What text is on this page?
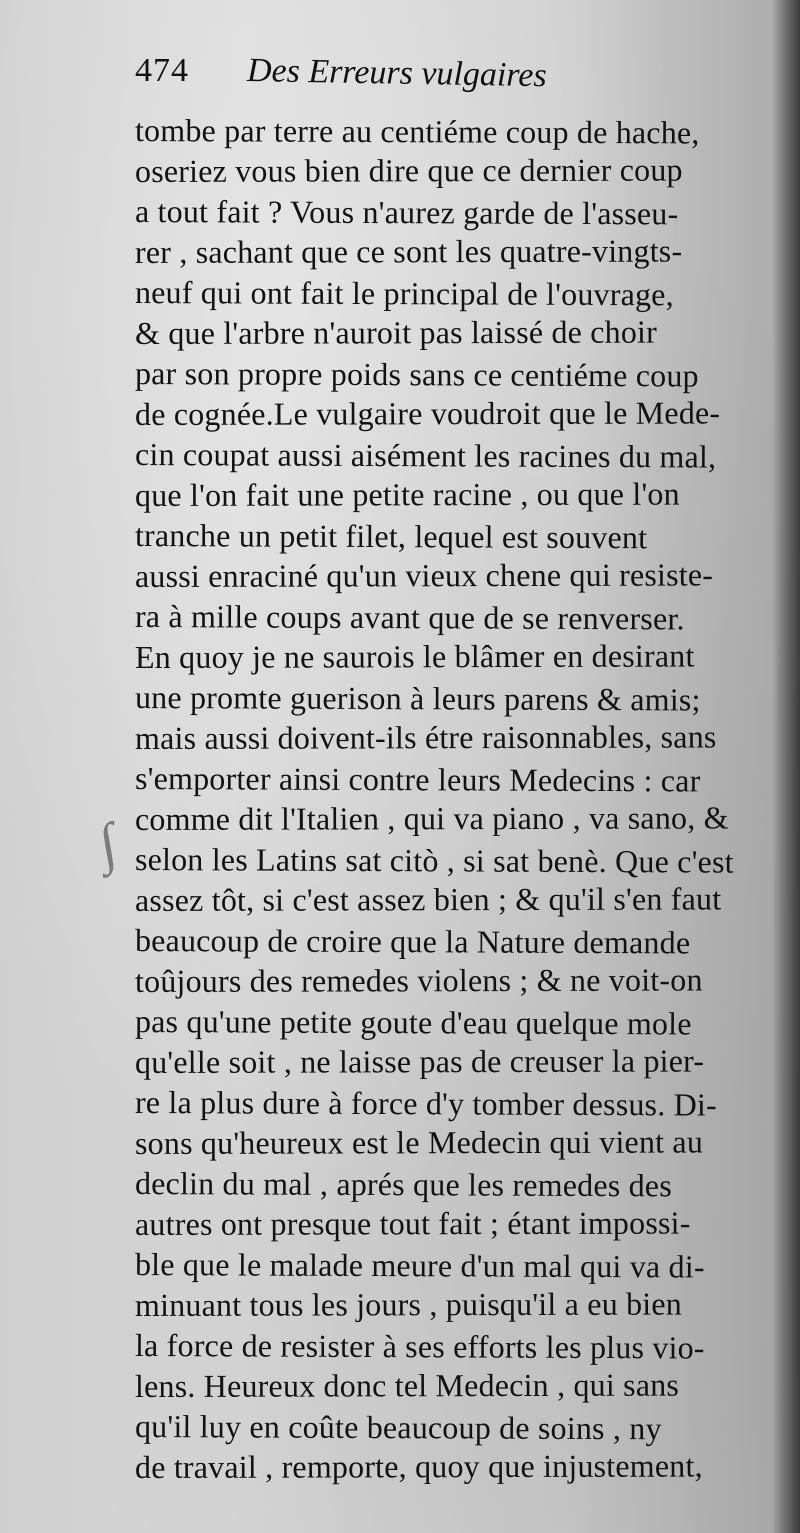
474 Des Erreurs vulgaires
∫
tombe par terre au centiéme coup de hache,
oseriez vous bien dire que ce dernier coup
a tout fait ? Vous n'aurez garde de l'asseu-
rer , sachant que ce sont les quatre-vingts-
neuf qui ont fait le principal de l'ouvrage,
& que l'arbre n'auroit pas laissé de choir
par son propre poids sans ce centiéme coup
de cognée.Le vulgaire voudroit que le Mede-
cin coupat aussi aisément les racines du mal,
que l'on fait une petite racine , ou que l'on
tranche un petit filet, lequel est souvent
aussi enraciné qu'un vieux chene qui resiste-
ra à mille coups avant que de se renverser.
En quoy je ne saurois le blâmer en desirant
une promte guerison à leurs parens & amis;
mais aussi doivent-ils étre raisonnables, sans
s'emporter ainsi contre leurs Medecins : car
comme dit l'Italien , qui va piano , va sano, &
selon les Latins sat citò , si sat benè. Que c'est
assez tôt, si c'est assez bien ; & qu'il s'en faut
beaucoup de croire que la Nature demande
toûjours des remedes violens ; & ne voit-on
pas qu'une petite goute d'eau quelque mole
qu'elle soit , ne laisse pas de creuser la pier-
re la plus dure à force d'y tomber dessus. Di-
sons qu'heureux est le Medecin qui vient au
declin du mal , aprés que les remedes des
autres ont presque tout fait ; étant impossi-
ble que le malade meure d'un mal qui va di-
minuant tous les jours , puisqu'il a eu bien
la force de resister à ses efforts les plus vio-
lens. Heureux donc tel Medecin , qui sans
qu'il luy en coûte beaucoup de soins , ny
de travail , remporte, quoy que injustement,
